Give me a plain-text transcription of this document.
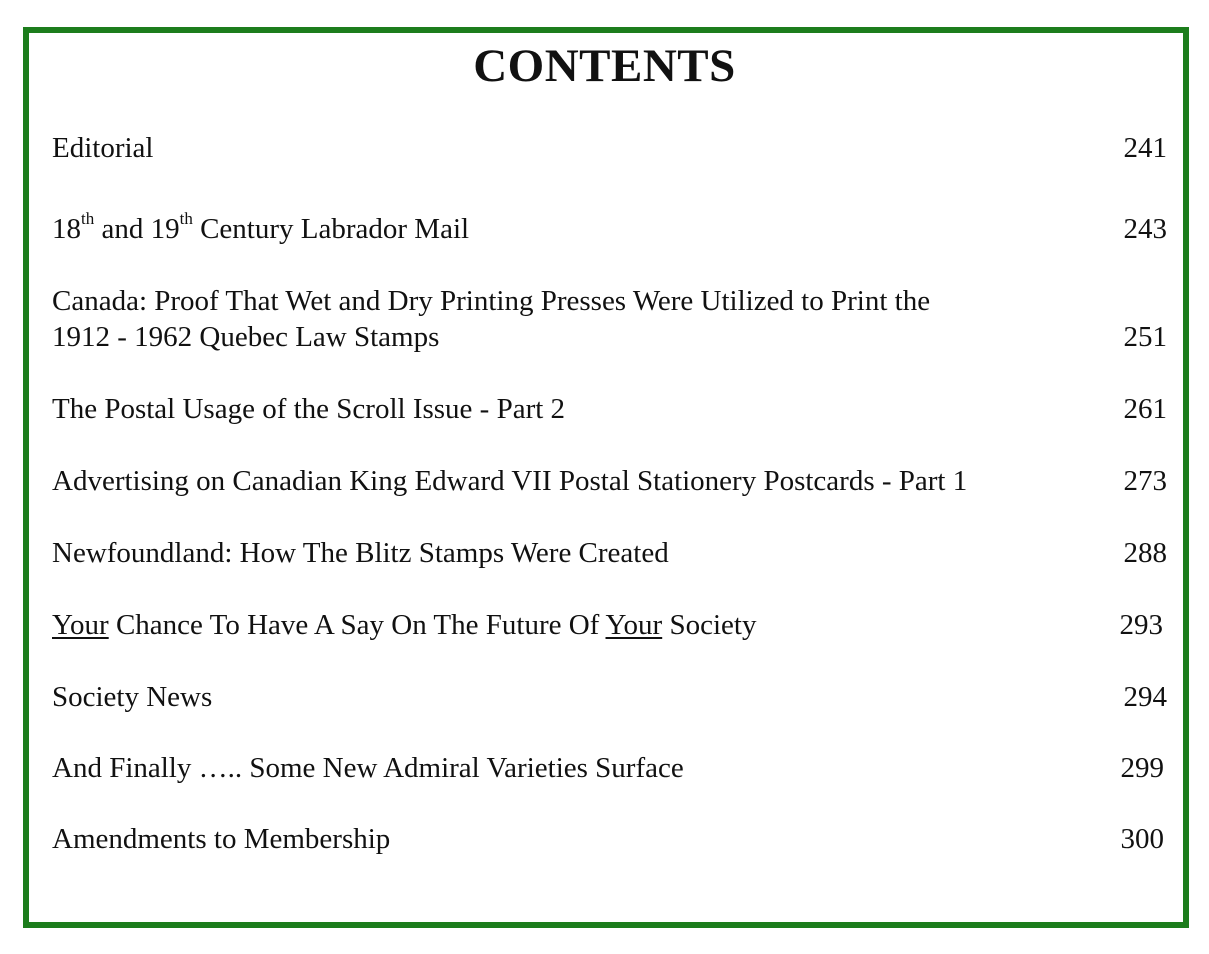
CONTENTS
Editorial	241
18th and 19th Century Labrador Mail	243
Canada: Proof That Wet and Dry Printing Presses Were Utilized to Print the
1912 - 1962 Quebec Law Stamps	251
The Postal Usage of the Scroll Issue - Part 2	261
Advertising on Canadian King Edward VII Postal Stationery Postcards - Part 1	273
Newfoundland: How The Blitz Stamps Were Created	288
Your Chance To Have A Say On The Future Of Your Society	293
Society News	294
And Finally ….. Some New Admiral Varieties Surface	299
Amendments to Membership	300
